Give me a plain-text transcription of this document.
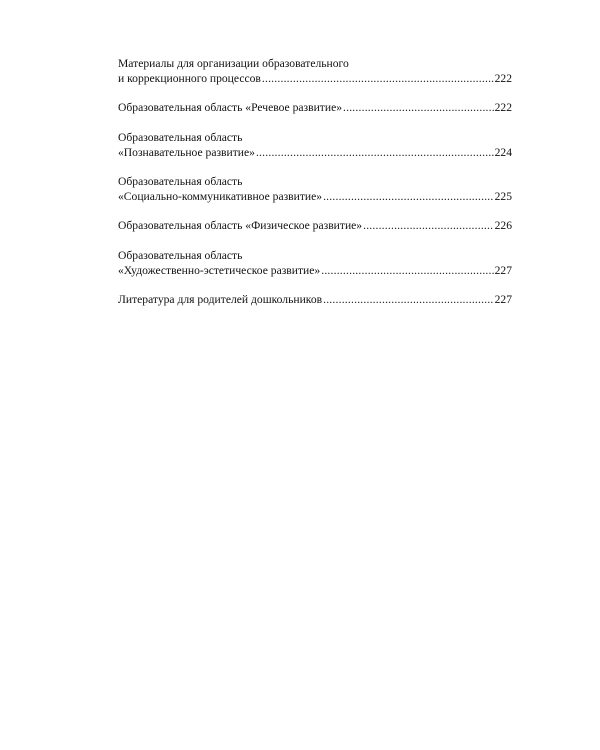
Материалы для организации образовательного
и коррекционного процессов .....	222
Образовательная область «Речевое развитие» .....	222
Образовательная область
«Познавательное развитие» .....	224
Образовательная область
«Социально-коммуникативное развитие» .....	225
Образовательная область «Физическое развитие» .....	226
Образовательная область
«Художественно-эстетическое развитие» .....	227
Литература для родителей дошкольников .....	227
